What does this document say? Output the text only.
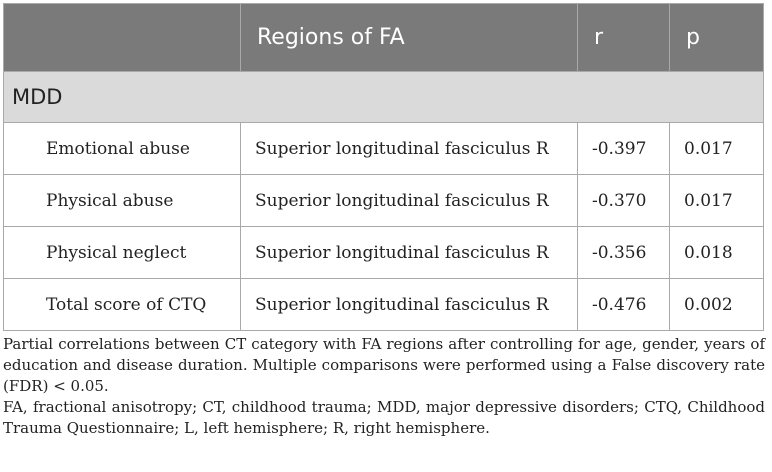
	Regions of FA	r	p
MDD			
Emotional abuse	Superior longitudinal fasciculus R	-0.397	0.017
Physical abuse	Superior longitudinal fasciculus R	-0.370	0.017
Physical neglect	Superior longitudinal fasciculus R	-0.356	0.018
Total score of CTQ	Superior longitudinal fasciculus R	-0.476	0.002

Partial correlations between CT category with FA regions after controlling for age, gender, years of education and disease duration. Multiple comparisons were performed using a False discovery rate (FDR) < 0.05.

FA, fractional anisotropy; CT, childhood trauma; MDD, major depressive disorders; CTQ, Childhood Trauma Questionnaire; L, left hemisphere; R, right hemisphere.
